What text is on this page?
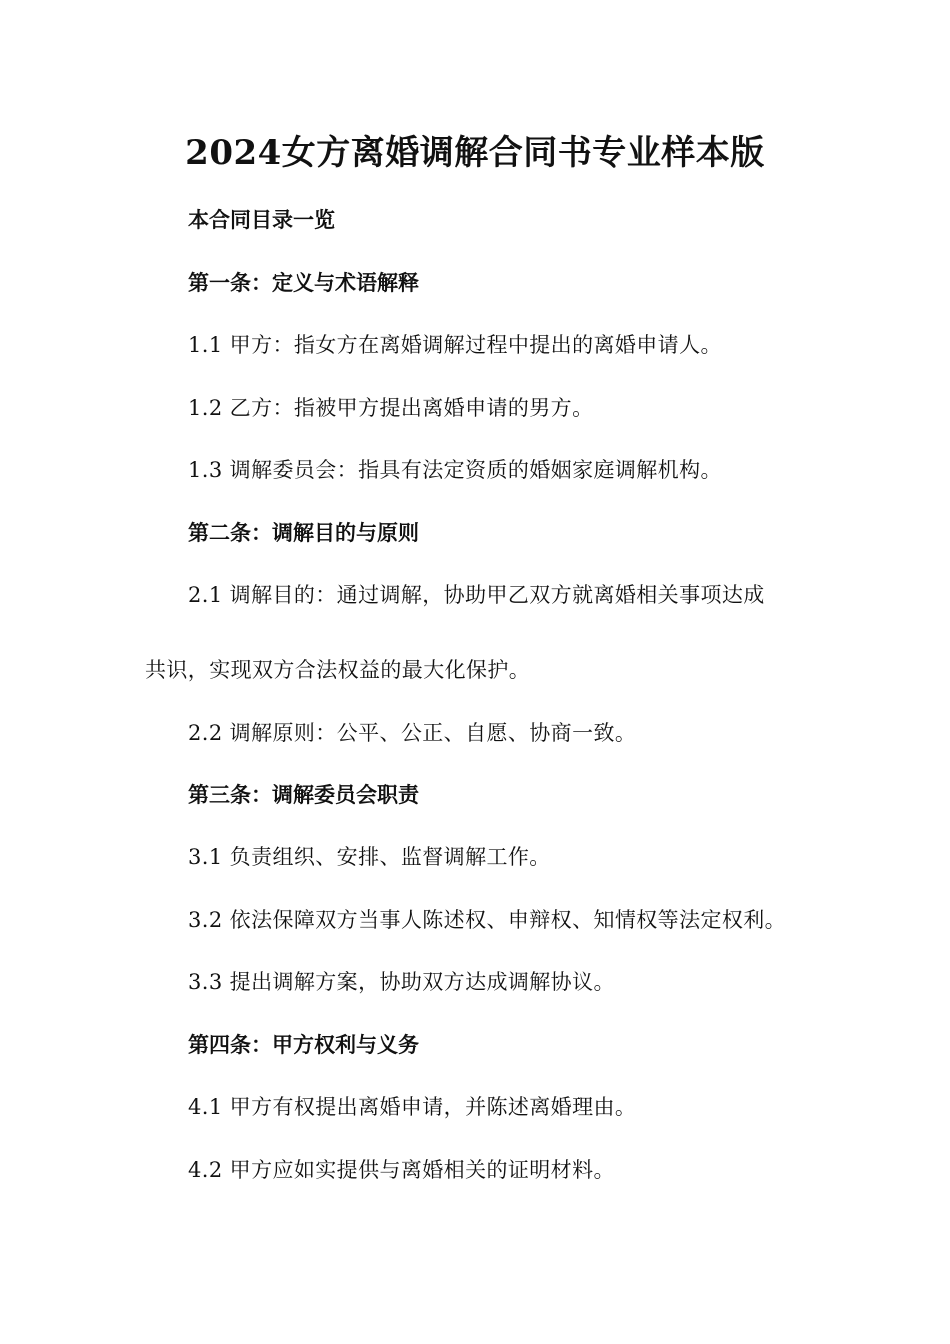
2024女方离婚调解合同书专业样本版
本合同目录一览
第一条：定义与术语解释
1.1 甲方：指女方在离婚调解过程中提出的离婚申请人。
1.2 乙方：指被甲方提出离婚申请的男方。
1.3 调解委员会：指具有法定资质的婚姻家庭调解机构。
第二条：调解目的与原则
2.1 调解目的：通过调解，协助甲乙双方就离婚相关事项达成
共识，实现双方合法权益的最大化保护。
2.2 调解原则：公平、公正、自愿、协商一致。
第三条：调解委员会职责
3.1 负责组织、安排、监督调解工作。
3.2 依法保障双方当事人陈述权、申辩权、知情权等法定权利。
3.3 提出调解方案，协助双方达成调解协议。
第四条：甲方权利与义务
4.1 甲方有权提出离婚申请，并陈述离婚理由。
4.2 甲方应如实提供与离婚相关的证明材料。
